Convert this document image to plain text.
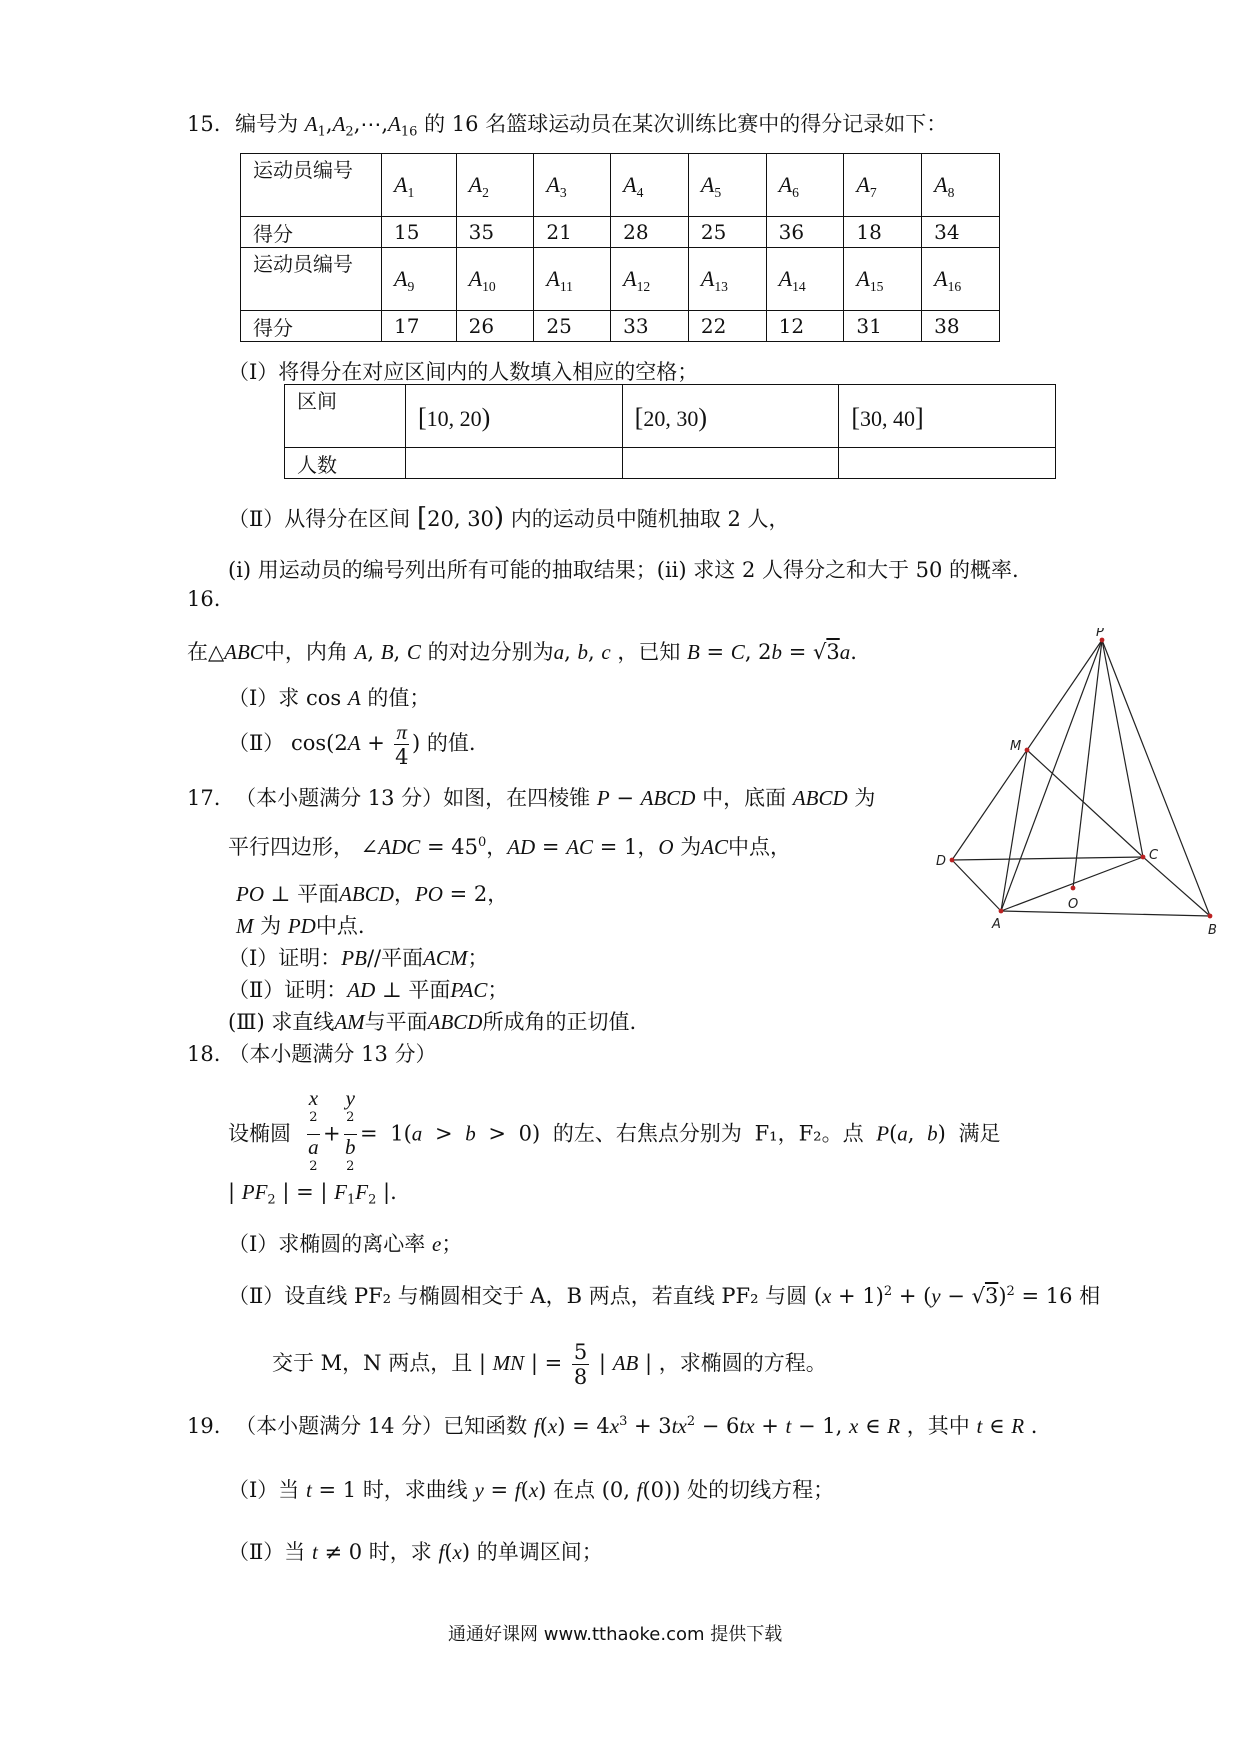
15. 编号为 $A_1,A_2,\cdots,A_{16}$ 的 16 名篮球运动员在某次训练比赛中的得分记录如下：
运动员编号	$A_1$	$A_2$	$A_3$	$A_4$	$A_5$	$A_6$	$A_7$	$A_8$
得分	15	35	21	28	25	36	18	34
运动员编号	$A_9$	$A_{10}$	$A_{11}$	$A_{12}$	$A_{13}$	$A_{14}$	$A_{15}$	$A_{16}$
得分	17	26	25	33	22	12	31	38
（Ⅰ）将得分在对应区间内的人数填入相应的空格；
区间	[10, 20)	[20, 30)	[30, 40]
人数			
（Ⅱ）从得分在区间 [20, 30) 内的运动员中随机抽取 2 人，
(i) 用运动员的编号列出所有可能的抽取结果；(ii) 求这 2 人得分之和大于 50 的概率.
16.
在△ABC中，内角 A, B, C 的对边分别为a, b, c ，已知 B = C, 2b = √3a.
（Ⅰ）求 cos A 的值；
（Ⅱ） $\cos(2A + \frac{\pi}{4}$ ) 的值.
17. （本小题满分 13 分）如图，在四棱锥 P − ABCD 中，底面 ABCD 为
平行四边形， ∠ADC = $45^0$，AD = AC = 1，O 为AC中点，
PO ⊥ 平面ABCD，PO = 2，
M 为 PD中点.
（Ⅰ）证明：PB//平面ACM；
（Ⅱ）证明：AD ⊥ 平面PAC；
(Ⅲ) 求直线AM与平面ABCD所成角的正切值.
P
M
D	C
O
A	B
18. （本小题满分 13 分）
设椭圆 x
$^2$
a
$^2$ + y
$^2$
b
$^2$ = 1(a > b > 0) 的左、右焦点分别为 F₁，F₂。点 P(a, b) 满足
| $PF_2$ | = | $F_1F_2$ |.
（Ⅰ）求椭圆的离心率 e；
（Ⅱ）设直线 PF₂ 与椭圆相交于 A，B 两点，若直线 PF₂ 与圆 $(x + 1)^2 + (y - √3)^2 = 16$ 相
交于 M，N 两点，且 | MN | = $\frac{5}{8}$ | AB | ，求椭圆的方程。
19. （本小题满分 14 分）已知函数 $f(x) = 4x^3 + 3tx^2 - 6tx + t - 1$, x ∈ R ，其中 t ∈ R .
（Ⅰ）当 t = 1 时，求曲线 y = f(x) 在点 (0, f(0)) 处的切线方程；
（Ⅱ）当 t ≠ 0 时，求 f(x) 的单调区间；
通通好课网 www.tthaoke.com 提供下载
